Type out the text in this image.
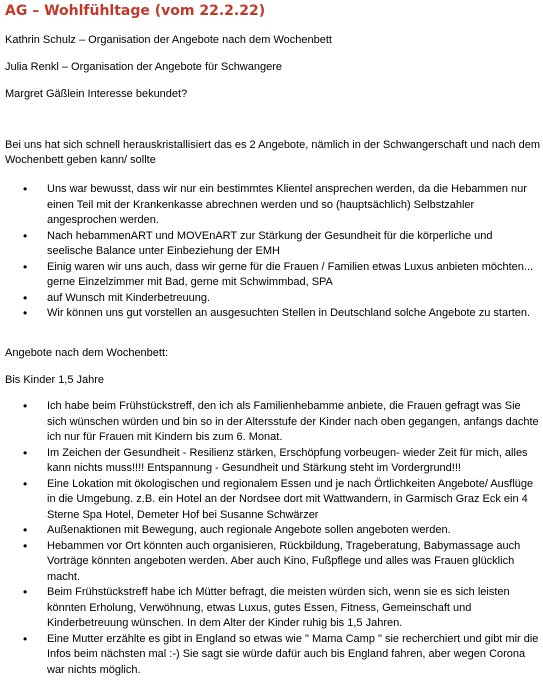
AG – Wohlfühltage (vom 22.2.22)

Kathrin Schulz – Organisation der Angebote nach dem Wochenbett

Julia Renkl – Organisation der Angebote für Schwangere

Margret Gäßlein Interesse bekundet?

Bei uns hat sich schnell herauskristallisiert das es 2 Angebote, nämlich in der Schwangerschaft und nach dem Wochenbett geben kann/ sollte

• Uns war bewusst, dass wir nur ein bestimmtes Klientel ansprechen werden, da die Hebammen nur einen Teil mit der Krankenkasse abrechnen werden und so (hauptsächlich) Selbstzahler angesprochen werden.
• Nach hebammenART und MOVEnART zur Stärkung der Gesundheit für die körperliche und seelische Balance unter Einbeziehung der EMH
• Einig waren wir uns auch, dass wir gerne für die Frauen / Familien etwas Luxus anbieten möchten... gerne Einzelzimmer mit Bad, gerne mit Schwimmbad, SPA
• auf Wunsch mit Kinderbetreuung.
• Wir können uns gut vorstellen an ausgesuchten Stellen in Deutschland solche Angebote zu starten.

Angebote nach dem Wochenbett:

Bis Kinder 1,5 Jahre

• Ich habe beim Frühstückstreff, den ich als Familienhebamme anbiete, die Frauen gefragt was Sie sich wünschen würden und bin so in der Altersstufe der Kinder nach oben gegangen, anfangs dachte ich nur für Frauen mit Kindern bis zum 6. Monat.
• Im Zeichen der Gesundheit - Resilienz stärken, Erschöpfung vorbeugen- wieder Zeit für mich, alles kann nichts muss!!!! Entspannung - Gesundheit und Stärkung steht im Vordergrund!!!
• Eine Lokation mit ökologischen und regionalem Essen und je nach Örtlichkeiten Angebote/ Ausflüge in die Umgebung. z.B. ein Hotel an der Nordsee dort mit Wattwandern, in Garmisch Graz Eck ein 4 Sterne Spa Hotel, Demeter Hof bei Susanne Schwärzer
• Außenaktionen mit Bewegung, auch regionale Angebote sollen angeboten werden.
• Hebammen vor Ort könnten auch organisieren, Rückbildung, Trageberatung, Babymassage auch Vorträge könnten angeboten werden. Aber auch Kino, Fußpflege und alles was Frauen glücklich macht.
• Beim Frühstückstreff habe ich Mütter befragt, die meisten würden sich, wenn sie es sich leisten könnten Erholung, Verwöhnung, etwas Luxus, gutes Essen, Fitness, Gemeinschaft und Kinderbetreuung wünschen. In dem Alter der Kinder ruhig bis 1,5 Jahren.
• Eine Mutter erzählte es gibt in England so etwas wie " Mama Camp " sie recherchiert und gibt mir die Infos beim nächsten mal :-) Sie sagt sie würde dafür auch bis England fahren, aber wegen Corona war nichts möglich.
